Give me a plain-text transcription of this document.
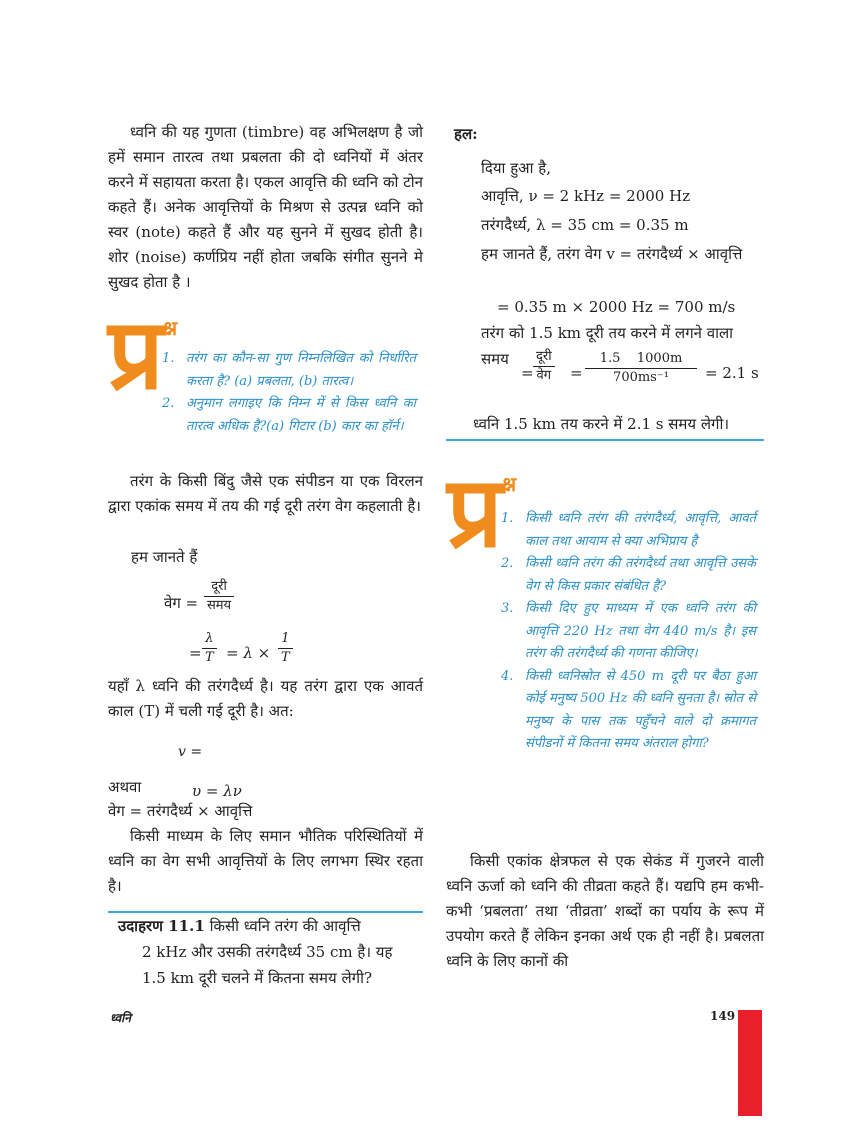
ध्वनि की यह गुणता (timbre) वह अभिलक्षण है जो हमें समान तारत्व तथा प्रबलता की दो ध्वनियों में अंतर करने में सहायता करता है। एकल आवृत्ति की ध्वनि को टोन कहते हैं। अनेक आवृत्तियों के मिश्रण से उत्पन्न ध्वनि को स्वर (note) कहते हैं और यह सुनने में सुखद होती है। शोर (noise) कर्णप्रिय नहीं होता जबकि संगीत सुनने मे सुखद होता है ।
प्र श्न
1. तरंग का कौन-सा गुण निम्नलिखित को निर्धारित करता है? (a) प्रबलता, (b) तारत्व।
2. अनुमान लगाइए कि निम्न में से किस ध्वनि का तारत्व अधिक है?(a) गिटार (b) कार का हॉर्न।
तरंग के किसी बिंदु जैसे एक संपीडन या एक विरलन द्वारा एकांक समय में तय की गई दूरी तरंग वेग कहलाती है।
हम जानते हैं
वेग = $\frac{\text{दूरी}}{\text{समय}}$
= $\frac{\lambda}{T} = \lambda \times \frac{1}{T}$
यहाँ λ ध्वनि की तरंगदैर्ध्य है। यह तरंग द्वारा एक आवर्त काल (T) में चली गई दूरी है। अत:
v =
अथवा	υ = λν
वेग = तरंगदैर्ध्य × आवृत्ति
किसी माध्यम के लिए समान भौतिक परिस्थितियों में ध्वनि का वेग सभी आवृत्तियों के लिए लगभग स्थिर रहता है।
उदाहरण 11.1 किसी ध्वनि तरंग की आवृत्ति
2 kHz और उसकी तरंगदैर्ध्य 35 cm है। यह
1.5 km दूरी चलने में कितना समय लेगी?
हल:
दिया हुआ है,
आवृत्ति, ν = 2 kHz = 2000 Hz
तरंगदैर्ध्य, λ = 35 cm = 0.35 m
हम जानते हैं, तरंग वेग v = तरंगदैर्ध्य × आवृत्ति
= 0.35 m × 2000 Hz = 700 m/s
तरंग को 1.5 km दूरी तय करने में लगने वाला
समय
= $\frac{\text{दूरी}}{\text{वेग}} = \frac{1.5 1000m}{\text{700ms⁻¹}} = 2.1$ s
ध्वनि 1.5 km तय करने में 2.1 s समय लेगी।
प्र श्न
1. किसी ध्वनि तरंग की तरंगदैर्ध्य, आवृत्ति, आवर्त काल तथा आयाम से क्या अभिप्राय है
2. किसी ध्वनि तरंग की तरंगदैर्ध्य तथा आवृत्ति उसके वेग से किस प्रकार संबंधित है?
3. किसी दिए हुए माध्यम में एक ध्वनि तरंग की आवृत्ति 220 Hz तथा वेग 440 m/s है। इस तरंग की तरंगदैर्ध्य की गणना कीजिए।
4. किसी ध्वनिस्रोत से 450 m दूरी पर बैठा हुआ कोई मनुष्य 500 Hz की ध्वनि सुनता है। स्रोत से मनुष्य के पास तक पहुँचने वाले दो क्रमागत संपीडनों में कितना समय अंतराल होगा?
किसी एकांक क्षेत्रफल से एक सेकंड में गुजरने वाली ध्वनि ऊर्जा को ध्वनि की तीव्रता कहते हैं। यद्यपि हम कभी-कभी ‘प्रबलता’ तथा ‘तीव्रता’ शब्दों का पर्याय के रूप में उपयोग करते हैं लेकिन इनका अर्थ एक ही नहीं है। प्रबलता ध्वनि के लिए कानों की
ध्वनि	149
